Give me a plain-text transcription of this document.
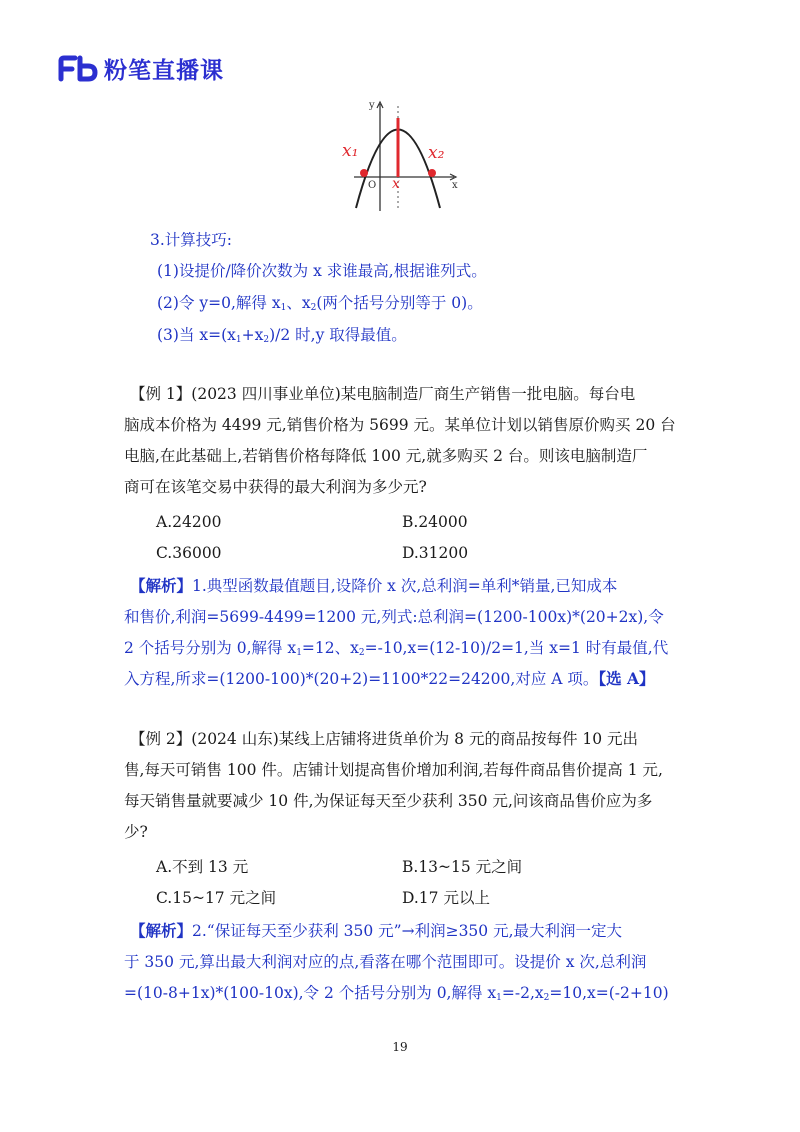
粉笔直播课
y
x
O
x₁	x₂
x
3.计算技巧:
(1)设提价/降价次数为 x 求谁最高,根据谁列式。
(2)令 y=0,解得 $x_1$、$x_2$(两个括号分别等于 0)。
(3)当 $x=(x_1+x_2)/2$ 时,y 取得最值。
【例 1】(2023 四川事业单位)某电脑制造厂商生产销售一批电脑。每台电
脑成本价格为 4499 元,销售价格为 5699 元。某单位计划以销售原价购买 20 台
电脑,在此基础上,若销售价格每降低 100 元,就多购买 2 台。则该电脑制造厂
商可在该笔交易中获得的最大利润为多少元?
A.24200	B.24000
C.36000	D.31200
【解析】1.典型函数最值题目,设降价 x 次,总利润=单利*销量,已知成本
和售价,利润=5699-4499=1200 元,列式:总利润=(1200-100x)*(20+2x),令
2 个括号分别为 0,解得 $x_1=12$、$x_2=-10,x=(12-10)/2=1$,当 x=1 时有最值,代
入方程,所求=(1200-100)*(20+2)=1100*22=24200,对应 A 项。【选 A】
【例 2】(2024 山东)某线上店铺将进货单价为 8 元的商品按每件 10 元出
售,每天可销售 100 件。店铺计划提高售价增加利润,若每件商品售价提高 1 元,
每天销售量就要减少 10 件,为保证每天至少获利 350 元,问该商品售价应为多
少?
A.不到 13 元	B.13~15 元之间
C.15~17 元之间	D.17 元以上
【解析】2.“保证每天至少获利 350 元”→利润≥350 元,最大利润一定大
于 350 元,算出最大利润对应的点,看落在哪个范围即可。设提价 x 次,总利润
=(10-8+1x)*(100-10x),令 2 个括号分别为 0,解得 $x_1=-2,x_2=10,x=(-2+10)$
19
